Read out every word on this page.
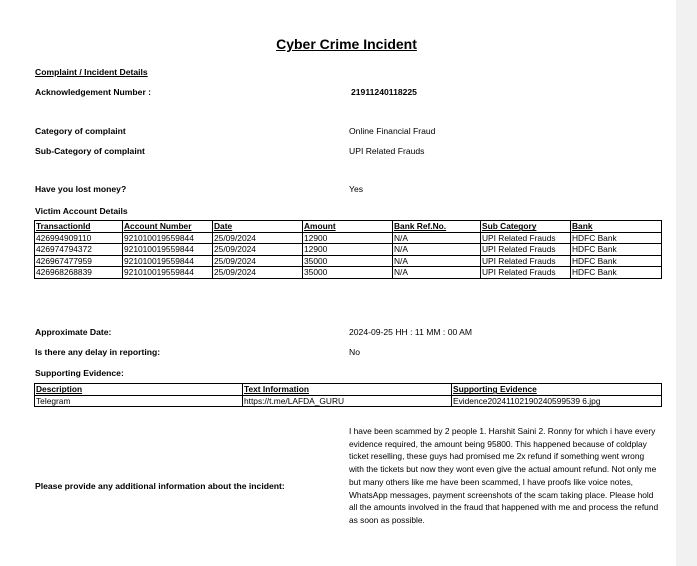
Cyber Crime Incident
Complaint / Incident Details
Acknowledgement Number :	21911240118225
Category of complaint	Online Financial Fraud
Sub-Category of complaint	UPI Related Frauds
Have you lost money?	Yes
Victim Account Details
TransactionId	Account Number	Date	Amount	Bank Ref.No.	Sub Category	Bank
426994909110	921010019559844	25/09/2024	12900	N/A	UPI Related Frauds	HDFC Bank
426974794372	921010019559844	25/09/2024	12900	N/A	UPI Related Frauds	HDFC Bank
426967477959	921010019559844	25/09/2024	35000	N/A	UPI Related Frauds	HDFC Bank
426968268839	921010019559844	25/09/2024	35000	N/A	UPI Related Frauds	HDFC Bank
Approximate Date:	2024-09-25 HH : 11 MM : 00 AM
Is there any delay in reporting:	No
Supporting Evidence:
Description	Text Information	Supporting Evidence
Telegram	https://t.me/LAFDA_GURU	Evidence20241102190240599539 6.jpg
Please provide any additional information about the incident:
I have been scammed by 2 people 1. Harshit Saini 2. Ronny for which i have every evidence required, the amount being 95800. This happened because of coldplay ticket reselling, these guys had promised me 2x refund if something went wrong with the tickets but now they wont even give the actual amount refund. Not only me but many others like me have been scammed, I have proofs like voice notes, WhatsApp messages, payment screenshots of the scam taking place. Please hold all the amounts involved in the fraud that happened with me and process the refund as soon as possible.
